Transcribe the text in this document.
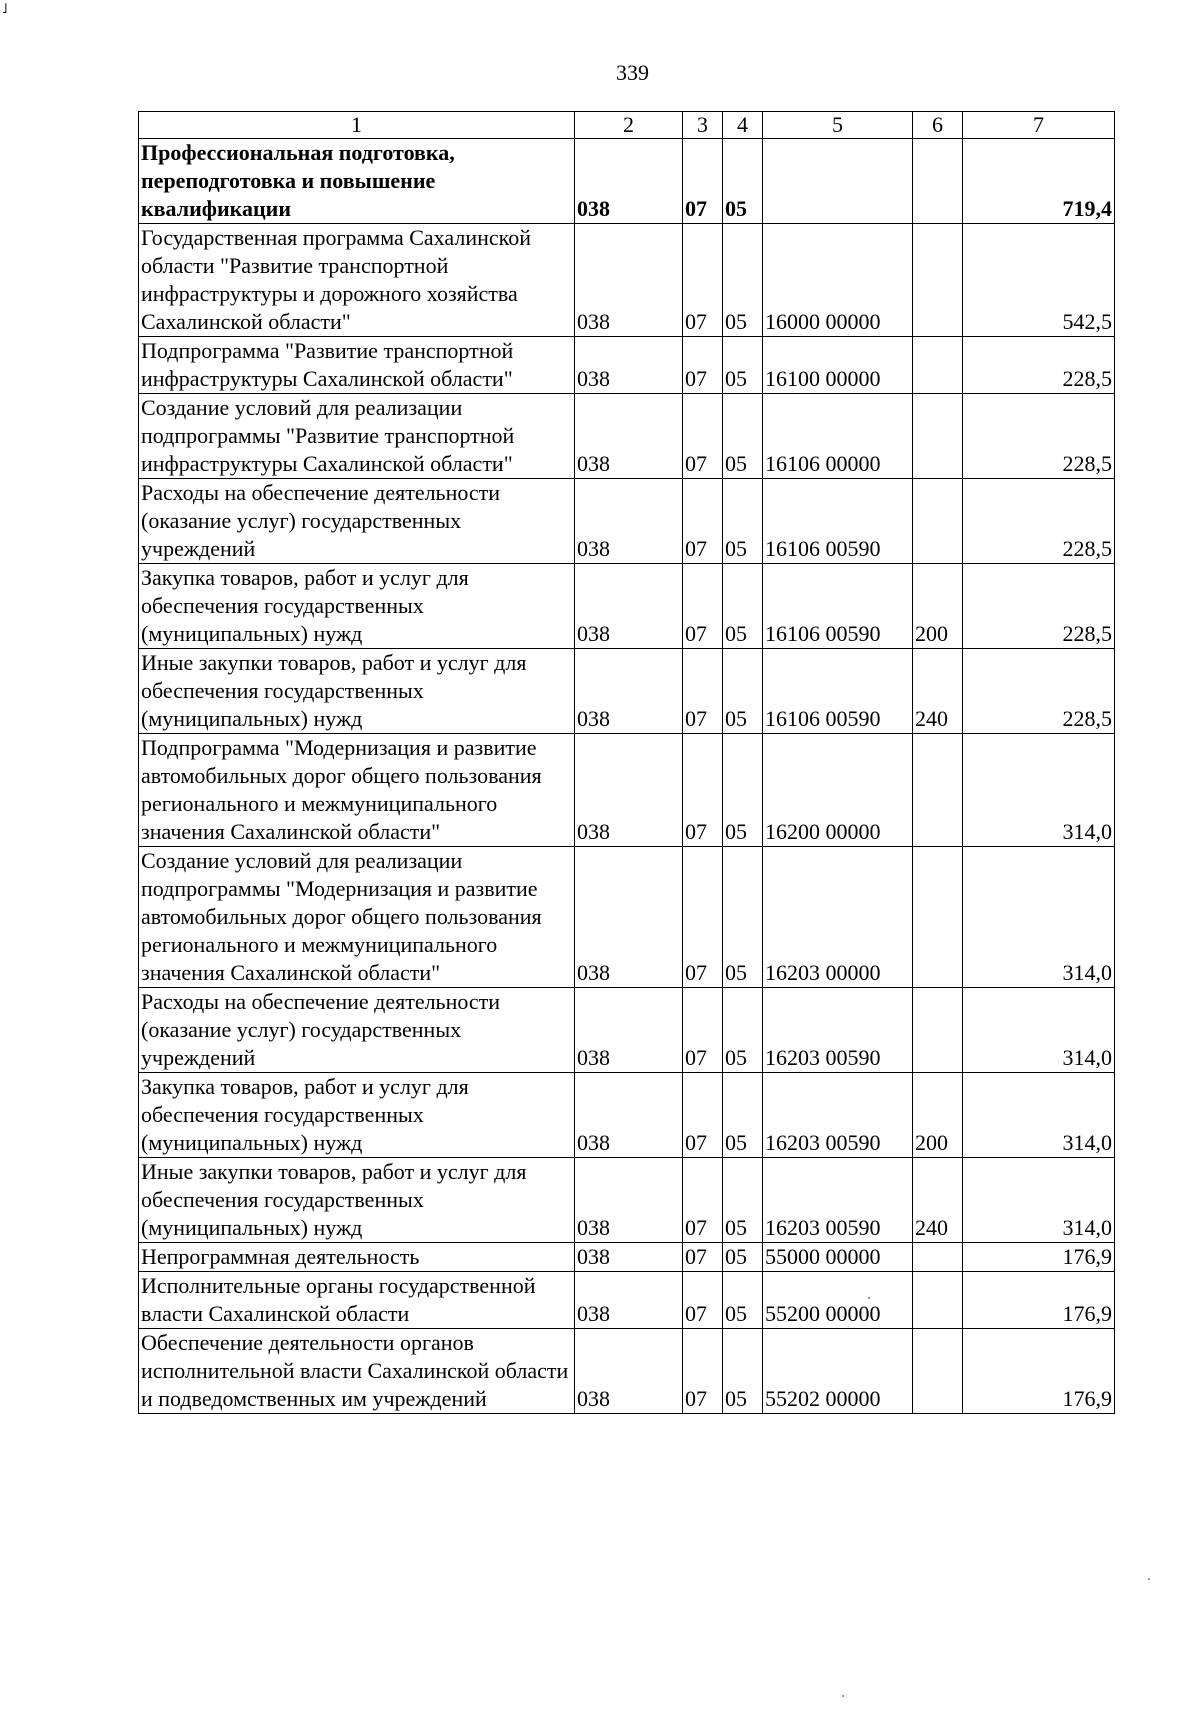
˩
339
1	2	3	4	5	6	7
Профессиональная подготовка, переподготовка и повышение квалификации	038	07	05			719,4
Государственная программа Сахалинской области "Развитие транспортной инфраструктуры и дорожного хозяйства Сахалинской области"	038	07	05	16000 00000		542,5
Подпрограмма "Развитие транспортной инфраструктуры Сахалинской области"	038	07	05	16100 00000		228,5
Создание условий для реализации подпрограммы "Развитие транспортной инфраструктуры Сахалинской области"	038	07	05	16106 00000		228,5
Расходы на обеспечение деятельности (оказание услуг) государственных учреждений	038	07	05	16106 00590		228,5
Закупка товаров, работ и услуг для обеспечения государственных (муниципальных) нужд	038	07	05	16106 00590	200	228,5
Иные закупки товаров, работ и услуг для обеспечения государственных (муниципальных) нужд	038	07	05	16106 00590	240	228,5
Подпрограмма "Модернизация и развитие автомобильных дорог общего пользования регионального и межмуниципального значения Сахалинской области"	038	07	05	16200 00000		314,0
Создание условий для реализации подпрограммы "Модернизация и развитие автомобильных дорог общего пользования регионального и межмуниципального значения Сахалинской области"	038	07	05	16203 00000		314,0
Расходы на обеспечение деятельности (оказание услуг) государственных учреждений	038	07	05	16203 00590		314,0
Закупка товаров, работ и услуг для обеспечения государственных (муниципальных) нужд	038	07	05	16203 00590	200	314,0
Иные закупки товаров, работ и услуг для обеспечения государственных (муниципальных) нужд	038	07	05	16203 00590	240	314,0
Непрограммная деятельность	038	07	05	55000 00000		176,9
Исполнительные органы государственной власти Сахалинской области	038	07	05	55200 00000		176,9
Обеспечение деятельности органов исполнительной власти Сахалинской области и подведомственных им учреждений	038	07	05	55202 00000		176,9
